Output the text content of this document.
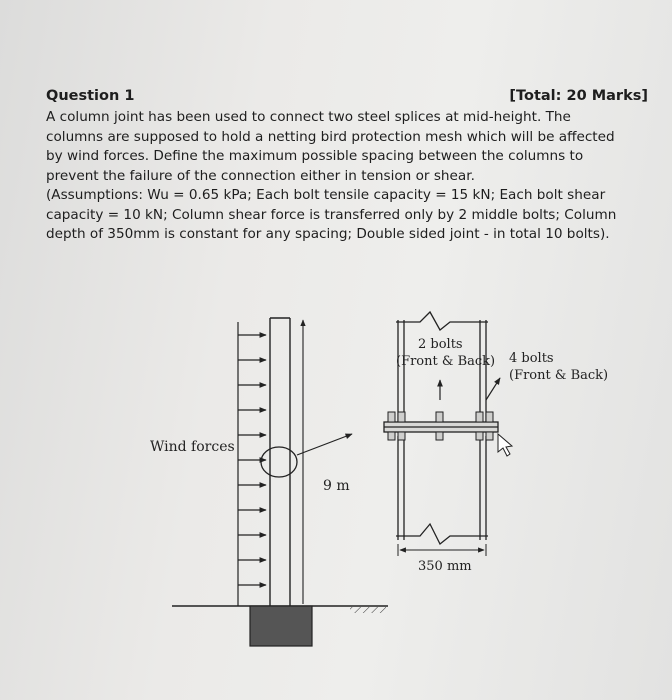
Question 1	[Total: 20 Marks]
A column joint has been used to connect two steel splices at mid-height. The
columns are supposed to hold a netting bird protection mesh which will be affected
by wind forces. Define the maximum possible spacing between the columns to
prevent the failure of the connection either in tension or shear.
(Assumptions: Wu = 0.65 kPa; Each bolt tensile capacity = 15 kN; Each bolt shear
capacity = 10 kN; Column shear force is transferred only by 2 middle bolts; Column
depth of 350mm is constant for any spacing; Double sided joint - in total 10 bolts).
9 m
Wind forces
2 bolts
(Front & Back) 4 bolts
(Front & Back)
350 mm
